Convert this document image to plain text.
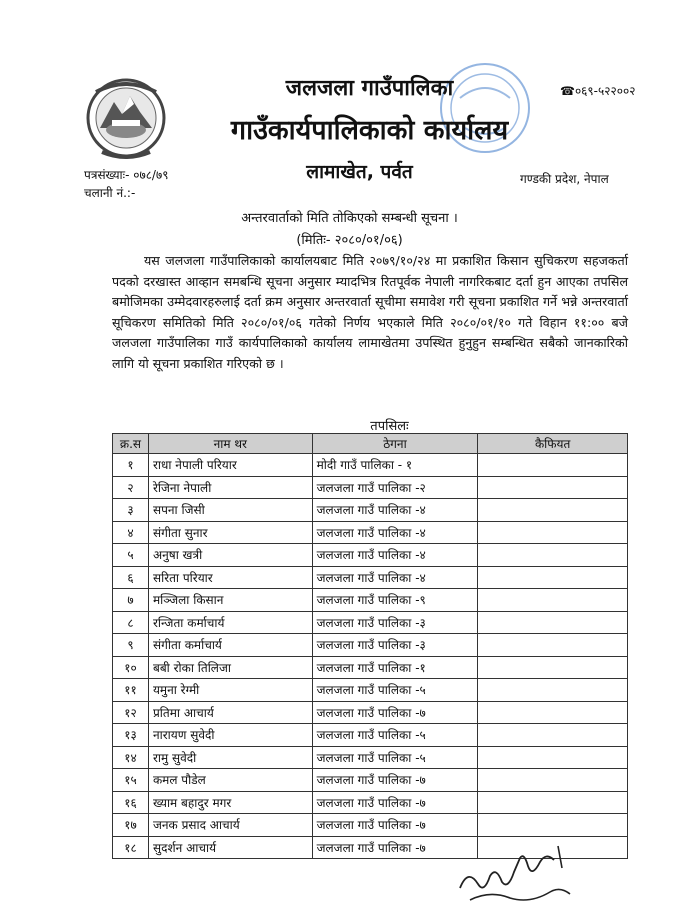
जलजला गाउँपालिका
गाउँकार्यपालिकाको कार्यालय
लामाखेत, पर्वत
☎०६९-५२२००२
गण्डकी प्रदेश, नेपाल
पत्रसंख्याः- ०७८/७९
चलानी नं.:-
अन्तरवार्ताको मिति तोकिएको सम्बन्धी सूचना ।
(मितिः- २०८०/०१/०६)
यस जलजला गाउँपालिकाको कार्यालयबाट मिति २०७९/१०/२४ मा प्रकाशित किसान सुचिकरण सहजकर्ता पदको दरखास्त आव्हान समबन्धि सूचना अनुसार म्यादभित्र रितपूर्वक नेपाली नागरिकबाट दर्ता हुन आएका तपसिल बमोजिमका उम्मेदवारहरुलाई दर्ता क्रम अनुसार अन्तरवार्ता सूचीमा समावेश गरी सूचना प्रकाशित गर्ने भन्ने अन्तरवार्ता सूचिकरण समितिको मिति २०८०/०१/०६ गतेको निर्णय भएकाले मिति २०८०/०१/१० गते विहान ११:०० बजे जलजला गाउँपालिका गाउँ कार्यपालिकाको कार्यालय लामाखेतमा उपस्थित हुनुहुन सम्बन्धित सबैको जानकारिको लागि यो सूचना प्रकाशित गरिएको छ ।
तपसिलः
क्र.स	नाम थर	ठेगना	कैफियत
१	राधा नेपाली परियार	मोदी गाउँ पालिका - १	
२	रेजिना नेपाली	जलजला गाउँ पालिका -२	
३	सपना जिसी	जलजला गाउँ पालिका -४	
४	संगीता सुनार	जलजला गाउँ पालिका -४	
५	अनुषा खत्री	जलजला गाउँ पालिका -४	
६	सरिता परियार	जलजला गाउँ पालिका -४	
७	मञ्जिला किसान	जलजला गाउँ पालिका -९	
८	रन्जिता कर्माचार्य	जलजला गाउँ पालिका -३	
९	संगीता कर्माचार्य	जलजला गाउँ पालिका -३	
१०	बबी रोका तिलिजा	जलजला गाउँ पालिका -१	
११	यमुना रेग्मी	जलजला गाउँ पालिका -५	
१२	प्रतिमा आचार्य	जलजला गाउँ पालिका -७	
१३	नारायण सुवेदी	जलजला गाउँ पालिका -५	
१४	रामु सुवेदी	जलजला गाउँ पालिका -५	
१५	कमल पौडेल	जलजला गाउँ पालिका -७	
१६	ख्याम बहादुर मगर	जलजला गाउँ पालिका -७	
१७	जनक प्रसाद आचार्य	जलजला गाउँ पालिका -७	
१८	सुदर्शन आचार्य	जलजला गाउँ पालिका -७	
